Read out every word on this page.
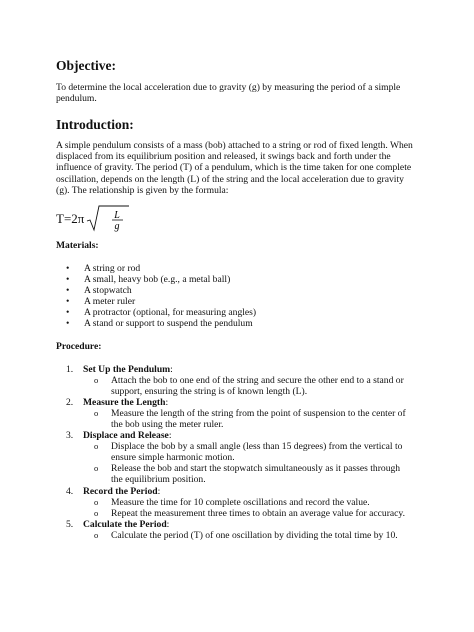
Objective:
To determine the local acceleration due to gravity (g) by measuring the period of a simple pendulum.
Introduction:
A simple pendulum consists of a mass (bob) attached to a string or rod of fixed length. When displaced from its equilibrium position and released, it swings back and forth under the influence of gravity. The period (T) of a pendulum, which is the time taken for one complete oscillation, depends on the length (L) of the string and the local acceleration due to gravity (g). The relationship is given by the formula:
T=2π	L
g
Materials:
• A string or rod
• A small, heavy bob (e.g., a metal ball)
• A stopwatch
• A meter ruler
• A protractor (optional, for measuring angles)
• A stand or support to suspend the pendulum
Procedure:
1. Set Up the Pendulum:
o Attach the bob to one end of the string and secure the other end to a stand or support, ensuring the string is of known length (L).
2. Measure the Length:
o Measure the length of the string from the point of suspension to the center of the bob using the meter ruler.
3. Displace and Release:
o Displace the bob by a small angle (less than 15 degrees) from the vertical to ensure simple harmonic motion.
o Release the bob and start the stopwatch simultaneously as it passes through the equilibrium position.
4. Record the Period:
o Measure the time for 10 complete oscillations and record the value.
o Repeat the measurement three times to obtain an average value for accuracy.
5. Calculate the Period:
o Calculate the period (T) of one oscillation by dividing the total time by 10.
